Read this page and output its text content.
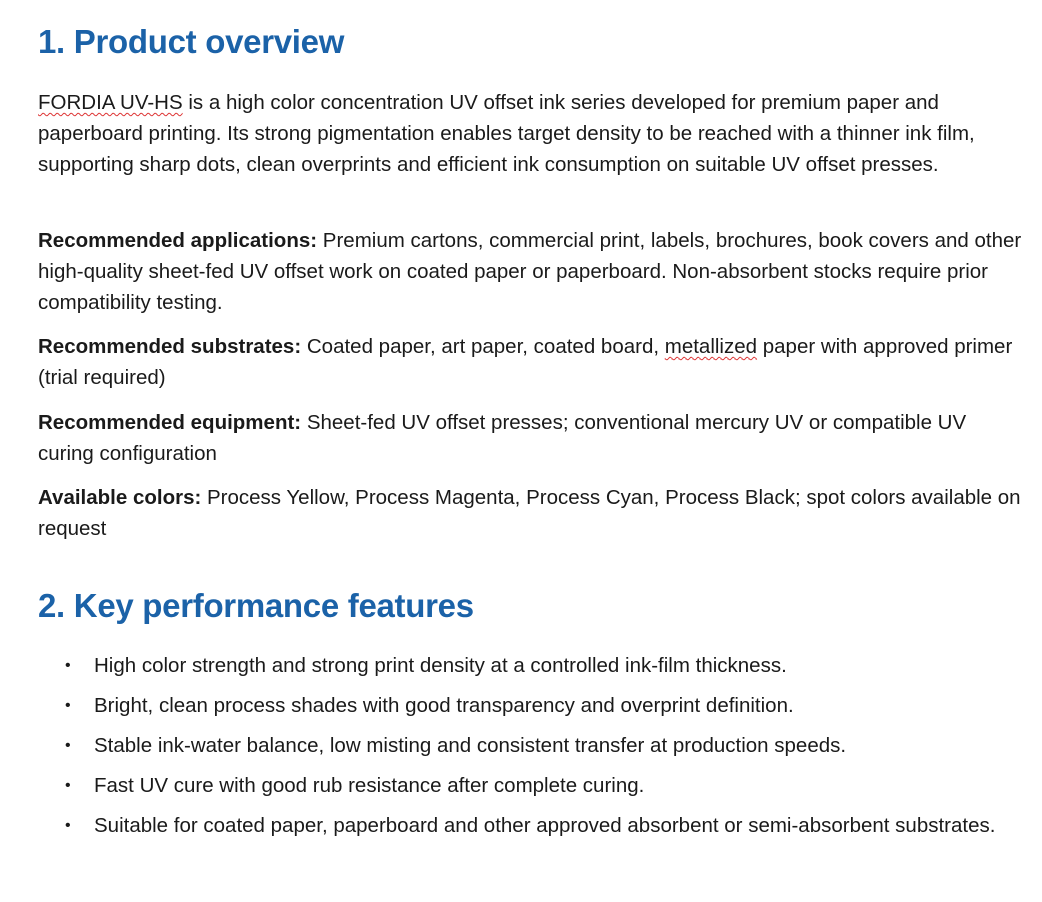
1. Product overview

FORDIA UV-HS is a high color concentration UV offset ink series developed for premium paper and paperboard printing. Its strong pigmentation enables target density to be reached with a thinner ink film, supporting sharp dots, clean overprints and efficient ink consumption on suitable UV offset presses.

Recommended applications: Premium cartons, commercial print, labels, brochures, book covers and other high-quality sheet-fed UV offset work on coated paper or paperboard. Non-absorbent stocks require prior compatibility testing.

Recommended substrates: Coated paper, art paper, coated board, metallized paper with approved primer (trial required)

Recommended equipment: Sheet-fed UV offset presses; conventional mercury UV or compatible UV curing configuration

Available colors: Process Yellow, Process Magenta, Process Cyan, Process Black; spot colors available on request

2. Key performance features
• High color strength and strong print density at a controlled ink-film thickness.
• Bright, clean process shades with good transparency and overprint definition.
• Stable ink-water balance, low misting and consistent transfer at production speeds.
• Fast UV cure with good rub resistance after complete curing.
• Suitable for coated paper, paperboard and other approved absorbent or semi-absorbent substrates.
